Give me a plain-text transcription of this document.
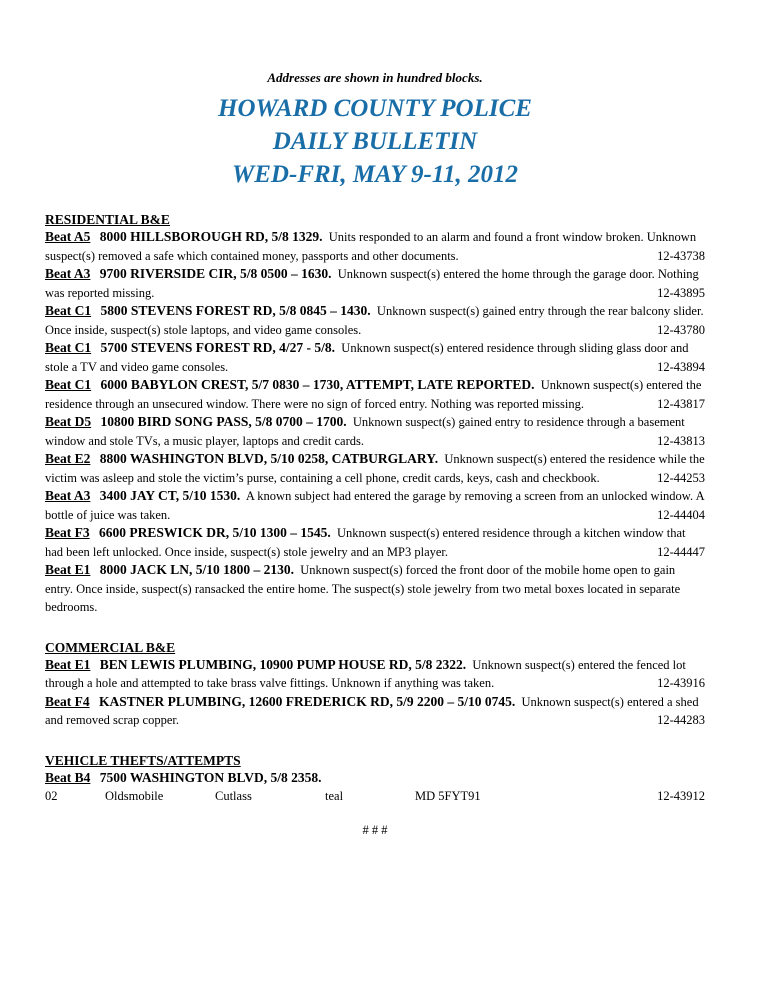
Addresses are shown in hundred blocks.

HOWARD COUNTY POLICE

DAILY BULLETIN

WED-FRI, MAY 9-11, 2012

RESIDENTIAL B&E

Beat A5 8000 HILLSBOROUGH RD, 5/8 1329. Units responded to an alarm and found a front window broken. Unknown suspect(s) removed a safe which contained money, passports and other documents.	12-43738

Beat A3 9700 RIVERSIDE CIR, 5/8 0500 – 1630. Unknown suspect(s) entered the home through the garage door. Nothing was reported missing.	12-43895

Beat C1 5800 STEVENS FOREST RD, 5/8 0845 – 1430. Unknown suspect(s) gained entry through the rear balcony slider. Once inside, suspect(s) stole laptops, and video game consoles.	12-43780

Beat C1 5700 STEVENS FOREST RD, 4/27 - 5/8. Unknown suspect(s) entered residence through sliding glass door and stole a TV and video game consoles.	12-43894

Beat C1 6000 BABYLON CREST, 5/7 0830 – 1730, ATTEMPT, LATE REPORTED. Unknown suspect(s) entered the residence through an unsecured window. There were no sign of forced entry. Nothing was reported missing.	12-43817

Beat D5 10800 BIRD SONG PASS, 5/8 0700 – 1700. Unknown suspect(s) gained entry to residence through a basement window and stole TVs, a music player, laptops and credit cards.	12-43813

Beat E2 8800 WASHINGTON BLVD, 5/10 0258, CATBURGLARY. Unknown suspect(s) entered the residence while the victim was asleep and stole the victim’s purse, containing a cell phone, credit cards, keys, cash and checkbook.	12-44253

Beat A3 3400 JAY CT, 5/10 1530. A known subject had entered the garage by removing a screen from an unlocked window. A bottle of juice was taken.	12-44404

Beat F3 6600 PRESWICK DR, 5/10 1300 – 1545. Unknown suspect(s) entered residence through a kitchen window that had been left unlocked. Once inside, suspect(s) stole jewelry and an MP3 player.	12-44447

Beat E1 8000 JACK LN, 5/10 1800 – 2130. Unknown suspect(s) forced the front door of the mobile home open to gain entry. Once inside, suspect(s) ransacked the entire home. The suspect(s) stole jewelry from two metal boxes located in separate bedrooms.

COMMERCIAL B&E

Beat E1 BEN LEWIS PLUMBING, 10900 PUMP HOUSE RD, 5/8 2322. Unknown suspect(s) entered the fenced lot through a hole and attempted to take brass valve fittings. Unknown if anything was taken.	12-43916

Beat F4 KASTNER PLUMBING, 12600 FREDERICK RD, 5/9 2200 – 5/10 0745. Unknown suspect(s) entered a shed and removed scrap copper.	12-44283

VEHICLE THEFTS/ATTEMPTS

Beat B4 7500 WASHINGTON BLVD, 5/8 2358.

02	Oldsmobile	Cutlass	teal	MD 5FYT91	12-43912

# # #
